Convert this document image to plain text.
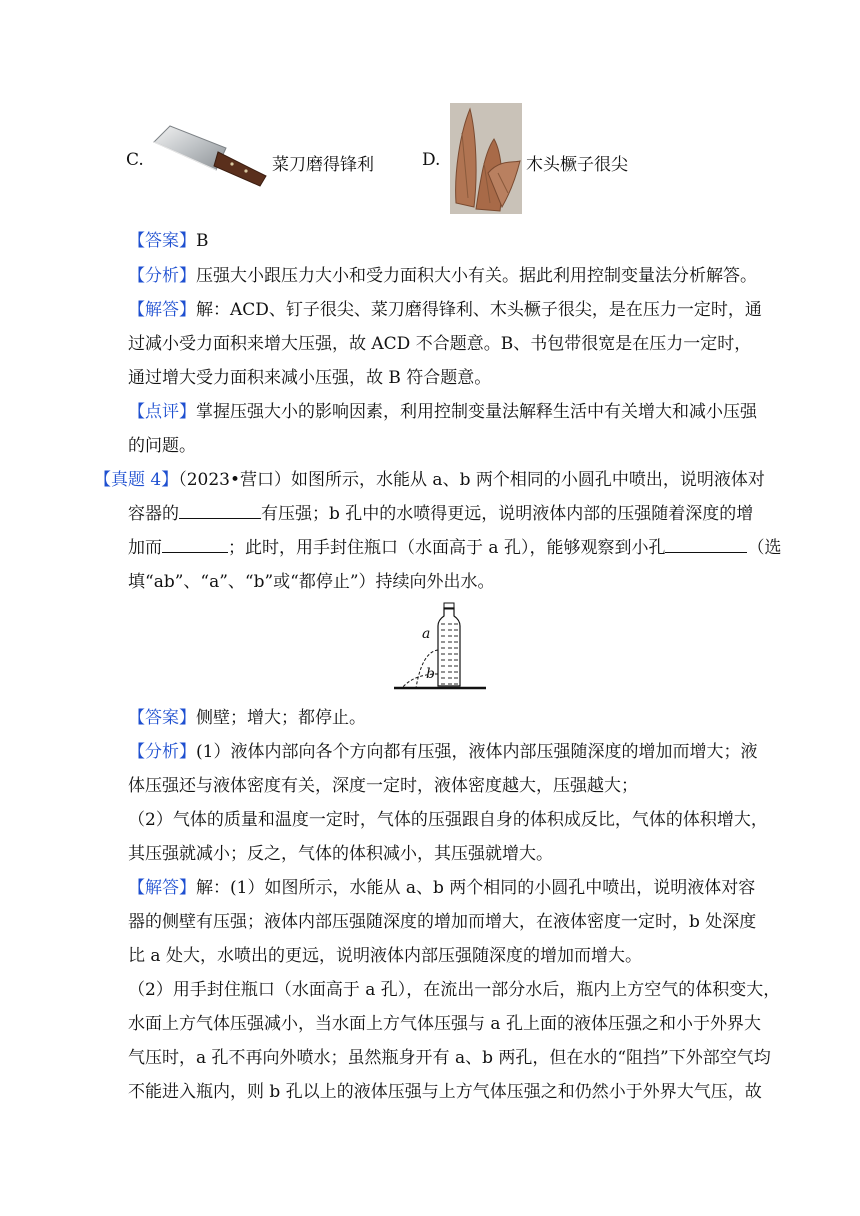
C.	菜刀磨得锋利	D.	木头橛子很尖
【答案】B
【分析】压强大小跟压力大小和受力面积大小有关。据此利用控制变量法分析解答。
【解答】解：ACD、钉子很尖、菜刀磨得锋利、木头橛子很尖，是在压力一定时，通
过减小受力面积来增大压强，故 ACD 不合题意。B、书包带很宽是在压力一定时，
通过增大受力面积来减小压强，故 B 符合题意。
【点评】掌握压强大小的影响因素，利用控制变量法解释生活中有关增大和减小压强
的问题。
【真题 4】（2023•营口）如图所示，水能从 a、b 两个相同的小圆孔中喷出，说明液体对
容器的	有压强；b 孔中的水喷得更远，说明液体内部的压强随着深度的增
加而	；此时，用手封住瓶口（水面高于 a 孔），能够观察到小孔	（选
填“ab”、“a”、“b”或“都停止”）持续向外出水。
a
b
【答案】侧壁；增大；都停止。
【分析】(1）液体内部向各个方向都有压强，液体内部压强随深度的增加而增大；液
体压强还与液体密度有关，深度一定时，液体密度越大，压强越大；
（2）气体的质量和温度一定时，气体的压强跟自身的体积成反比，气体的体积增大，
其压强就减小；反之，气体的体积减小，其压强就增大。
【解答】解：(1）如图所示，水能从 a、b 两个相同的小圆孔中喷出，说明液体对容
器的侧壁有压强；液体内部压强随深度的增加而增大，在液体密度一定时，b 处深度
比 a 处大，水喷出的更远，说明液体内部压强随深度的增加而增大。
（2）用手封住瓶口（水面高于 a 孔），在流出一部分水后，瓶内上方空气的体积变大，
水面上方气体压强减小，当水面上方气体压强与 a 孔上面的液体压强之和小于外界大
气压时，a 孔不再向外喷水；虽然瓶身开有 a、b 两孔，但在水的“阻挡”下外部空气均
不能进入瓶内，则 b 孔以上的液体压强与上方气体压强之和仍然小于外界大气压，故
